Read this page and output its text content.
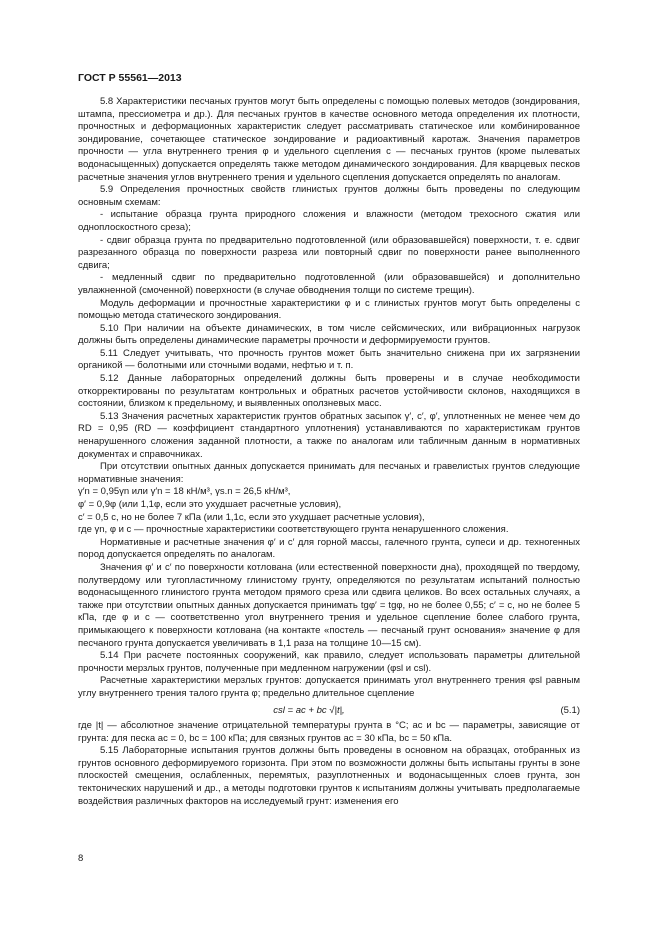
ГОСТ Р 55561—2013

5.8 Характеристики песчаных грунтов могут быть определены с помощью полевых методов (зондирования, штампа, прессиометра и др.). Для песчаных грунтов в качестве основного метода определения их плотности, прочностных и деформационных характеристик следует рассматривать статическое или комбинированное зондирование, сочетающее статическое зондирование и радиоактивный каротаж. Значения параметров прочности — угла внутреннего трения φ и удельного сцепления c — песчаных грунтов (кроме пылеватых водонасыщенных) допускается определять также методом динамического зондирования. Для кварцевых песков расчетные значения углов внутреннего трения и удельного сцепления допускается определять по аналогам.

5.9 Определения прочностных свойств глинистых грунтов должны быть проведены по следующим основным схемам:

- испытание образца грунта природного сложения и влажности (методом трехосного сжатия или одноплоскостного среза);

- сдвиг образца грунта по предварительно подготовленной (или образовавшейся) поверхности, т. е. сдвиг разрезанного образца по поверхности разреза или повторный сдвиг по поверхности ранее выполненного сдвига;

- медленный сдвиг по предварительно подготовленной (или образовавшейся) и дополнительно увлажненной (смоченной) поверхности (в случае обводнения толщи по системе трещин).

Модуль деформации и прочностные характеристики φ и c глинистых грунтов могут быть определены с помощью метода статического зондирования.

5.10 При наличии на объекте динамических, в том числе сейсмических, или вибрационных нагрузок должны быть определены динамические параметры прочности и деформируемости грунтов.

5.11 Следует учитывать, что прочность грунтов может быть значительно снижена при их загрязнении органикой — болотными или сточными водами, нефтью и т. п.

5.12 Данные лабораторных определений должны быть проверены и в случае необходимости откорректированы по результатам контрольных и обратных расчетов устойчивости склонов, находящихся в состоянии, близком к предельному, и выявленных оползневых масс.

5.13 Значения расчетных характеристик грунтов обратных засыпок γ′, c′, φ′, уплотненных не менее чем до RD = 0,95 (RD — коэффициент стандартного уплотнения) устанавливаются по характеристикам грунтов ненарушенного сложения заданной плотности, а также по аналогам или табличным данным в нормативных документах и справочниках.

При отсутствии опытных данных допускается принимать для песчаных и гравелистых грунтов следующие нормативные значения:

γ′n = 0,95γn или γ′n = 18 кН/м³, γs.n = 26,5 кН/м³,

φ′ = 0,9φ (или 1,1φ, если это ухудшает расчетные условия),

c′ = 0,5 c, но не более 7 кПа (или 1,1c, если это ухудшает расчетные условия),

где γn, φ и c — прочностные характеристики соответствующего грунта ненарушенного сложения.

Нормативные и расчетные значения φ′ и c′ для горной массы, галечного грунта, супеси и др. техногенных пород допускается определять по аналогам.

Значения φ′ и c′ по поверхности котлована (или естественной поверхности дна), проходящей по твердому, полутвердому или тугопластичному глинистому грунту, определяются по результатам испытаний полностью водонасыщенного глинистого грунта методом прямого среза или сдвига целиков. Во всех остальных случаях, а также при отсутствии опытных данных допускается принимать tgφ′ = tgφ, но не более 0,55; c′ = c, но не более 5 кПа, где φ и c — соответственно угол внутреннего трения и удельное сцепление более слабого грунта, примыкающего к поверхности котлована (на контакте «постель — песчаный грунт основания» значение φ для песчаного грунта допускается увеличивать в 1,1 раза на толщине 10—15 см).

5.14 При расчете постоянных сооружений, как правило, следует использовать параметры длительной прочности мерзлых грунтов, полученные при медленном нагружении (φsl и csl).

Расчетные характеристики мерзлых грунтов: допускается принимать угол внутреннего трения φsl равным углу внутреннего трения талого грунта φ; предельно длительное сцепление

csl = ac + bc √|t|,	(5.1)

где |t| — абсолютное значение отрицательной температуры грунта в °C; ac и bc — параметры, зависящие от грунта: для песка ac = 0, bc = 100 кПа; для связных грунтов ac = 30 кПа, bc = 50 кПа.

5.15 Лабораторные испытания грунтов должны быть проведены в основном на образцах, отобранных из грунтов основного деформируемого горизонта. При этом по возможности должны быть испытаны грунты в зоне плоскостей смещения, ослабленных, перемятых, разуплотненных и водонасыщенных слоев грунта, зон тектонических нарушений и др., а методы подготовки грунтов к испытаниям должны учитывать предполагаемые воздействия различных факторов на исследуемый грунт: изменения его

8
